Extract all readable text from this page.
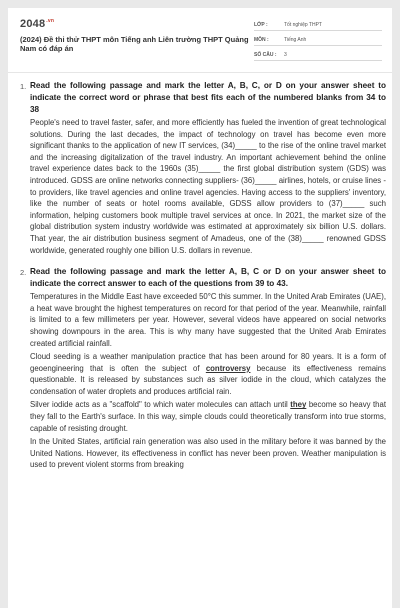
$2048^{.vn}$
(2024) Đề thi thử THPT môn Tiếng anh Liên trường THPT Quảng Nam có đáp án
LỚP :	Tốt nghiệp THPT
MÔN :	Tiếng Anh
SỐ CÂU :	3
1. Read the following passage and mark the letter A, B, C, or D on your answer sheet to indicate the correct word or phrase that best fits each of the numbered blanks from 34 to 38

People's need to travel faster, safer, and more efficiently has fueled the invention of great technological solutions. During the last decades, the impact of technology on travel has become even more significant thanks to the application of new IT services, (34)_____ to the rise of the online travel market and the increasing digitalization of the travel industry. An important achievement behind the online travel experience dates back to the 1960s (35)_____ the first global distribution system (GDS) was introduced. GDSS are online networks connecting suppliers- (36)_____ airlines, hotels, or cruise lines - to providers, like travel agencies and online travel agencies. Having access to the suppliers' inventory, like the number of seats or hotel rooms available, GDSS allow providers to (37)_____ such information, helping customers book multiple travel services at once. In 2021, the market size of the global distribution system industry worldwide was estimated at approximately six billion U.S. dollars. That year, the air distribution business segment of Amadeus, one of the (38)_____ renowned GDSS worldwide, generated roughly one billion U.S. dollars in revenue.

2. Read the following passage and mark the letter A, B, C or D on your answer sheet to indicate the correct answer to each of the questions from 39 to 43.

Temperatures in the Middle East have exceeded 50°C this summer. In the United Arab Emirates (UAE), a heat wave brought the highest temperatures on record for that period of the year. Meanwhile, rainfall is limited to a few millimeters per year. However, several videos have appeared on social networks showing downpours in the area. This is why many have suggested that the United Arab Emirates created artificial rainfall.

Cloud seeding is a weather manipulation practice that has been around for 80 years. It is a form of geoengineering that is often the subject of controversy because its effectiveness remains questionable. It is released by substances such as silver iodide in the cloud, which catalyzes the condensation of water droplets and produces artificial rain.

Silver iodide acts as a "scaffold" to which water molecules can attach until they become so heavy that they fall to the Earth's surface. In this way, simple clouds could theoretically transform into true storms, capable of resisting drought.

In the United States, artificial rain generation was also used in the military before it was banned by the United Nations. However, its effectiveness in conflict has never been proven. Weather manipulation is used to prevent violent storms from breaking
